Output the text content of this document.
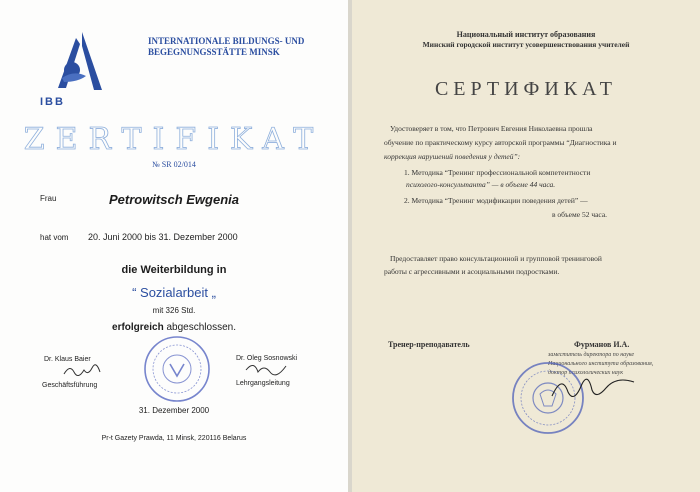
IBB
INTERNATIONALE BILDUNGS- UND
BEGEGNUNGSSTÄTTE MINSK
ZERTIFIKAT
№ SR 02/014
Frau	Petrowitsch Ewgenia
hat vom 20. Juni 2000 bis 31. Dezember 2000
die Weiterbildung in
“ Sozialarbeit „
mit 326 Std.
erfolgreich abgeschlossen.
Dr. Klaus Baier
Geschäftsführung
Dr. Oleg Sosnowski
Lehrgangsleitung
31. Dezember 2000
Pr-t Gazety Prawda, 11 Minsk, 220116 Belarus
Национальный институт образования
Минский городской институт усовершенствования учителей
СЕРТИФИКАТ
Удостоверяет в том, что Петрович Евгения Николаевна прошла
обучение по практическому курсу авторской программы “Диагностика и
коррекция нарушений поведения у детей”:
1. Методика “Тренинг профессиональной компетентности
психолого-консультанта” — в объеме 44 часа.
2. Методика “Тренинг модификации поведения детей” —
в объеме 52 часа.
Предоставляет право консультационной и групповой тренинговой
работы с агрессивными и асоциальными подростками.
Тренер-преподаватель	Фурманов И.А.
заместитель директора по науке
Национального института образования,
доктор психологических наук
